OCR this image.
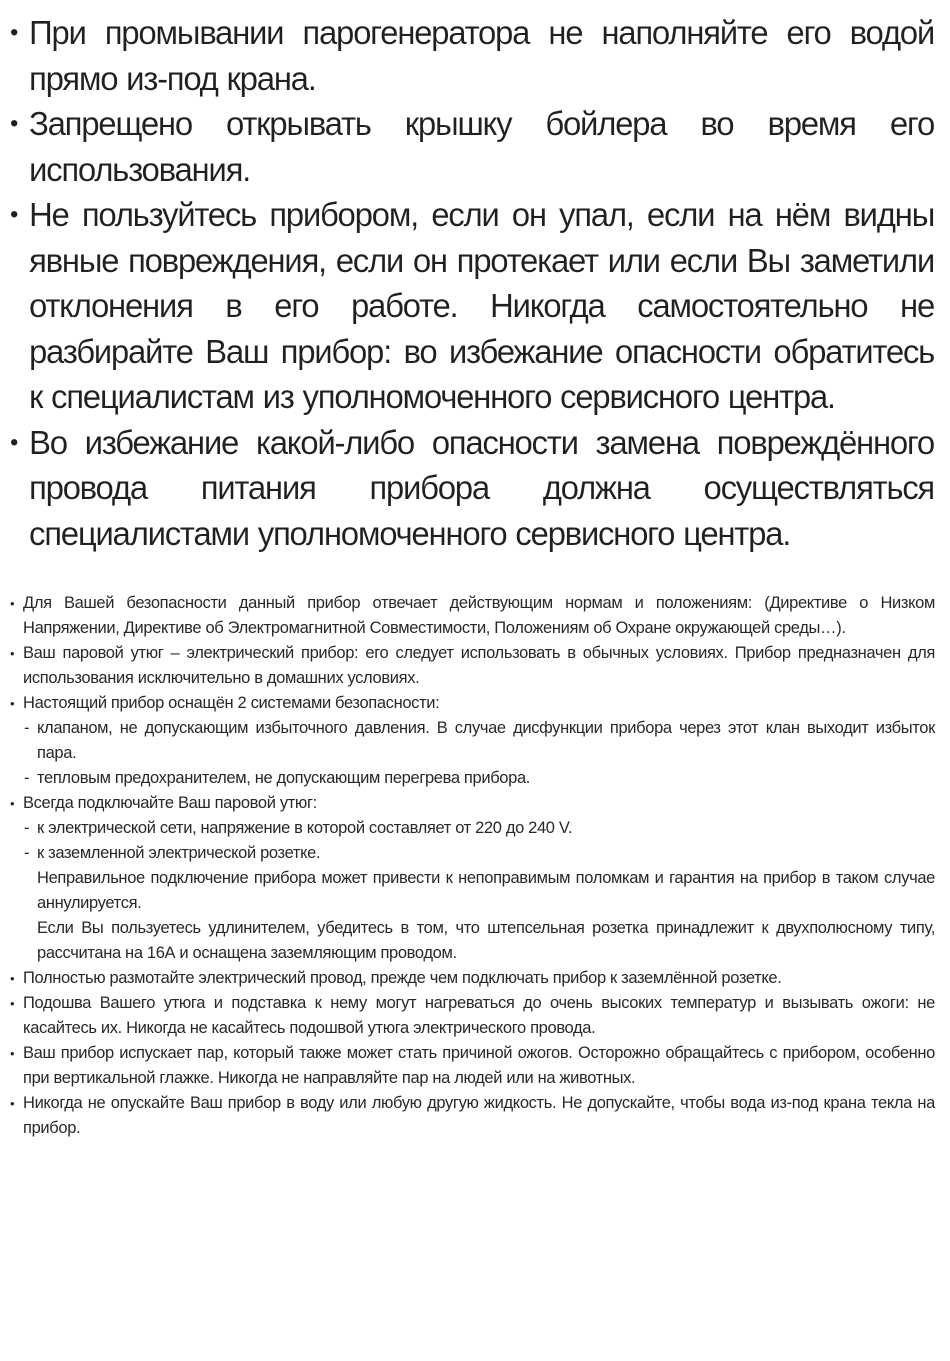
• При промывании парогенератора не наполняйте его водой прямо из-под крана.
• Запрещено открывать крышку бойлера во время его использования.
• Не пользуйтесь прибором, если он упал, если на нём видны явные повреждения, если он протекает или если Вы заметили отклонения в его работе. Никогда самостоятельно не разбирайте Ваш прибор: во избежание опасности обратитесь к специалистам из уполномоченного сервисного центра.
• Во избежание какой-либо опасности замена повреждённого провода питания прибора должна осуществляться специалистами уполномоченного сервисного центра.
• Для Вашей безопасности данный прибор отвечает действующим нормам и положениям: (Директиве о Низком Напряжении, Директиве об Электромагнитной Совместимости, Положениям об Охране окружающей среды…).
• Ваш паровой утюг – электрический прибор: его следует использовать в обычных условиях. Прибор предназначен для использования исключительно в домашних условиях.
• Настоящий прибор оснащён 2 системами безопасности:
- клапаном, не допускающим избыточного давления. В случае дисфункции прибора через этот клан выходит избыток пара.
- тепловым предохранителем, не допускающим перегрева прибора.
• Всегда подключайте Ваш паровой утюг:
- к электрической сети, напряжение в которой составляет от 220 до 240 V.
- к заземленной электрической розетке.
Неправильное подключение прибора может привести к непоправимым поломкам и гарантия на прибор в таком случае аннулируется.
Если Вы пользуетесь удлинителем, убедитесь в том, что штепсельная розетка принадлежит к двухполюсному типу, рассчитана на 16А и оснащена заземляющим проводом.
• Полностью размотайте электрический провод, прежде чем подключать прибор к заземлённой розетке.
• Подошва Вашего утюга и подставка к нему могут нагреваться до очень высоких температур и вызывать ожоги: не касайтесь их. Никогда не касайтесь подошвой утюга электрического провода.
• Ваш прибор испускает пар, который также может стать причиной ожогов. Осторожно обращайтесь с прибором, особенно при вертикальной глажке. Никогда не направляйте пар на людей или на животных.
• Никогда не опускайте Ваш прибор в воду или любую другую жидкость. Не допускайте, чтобы вода из-под крана текла на прибор.
